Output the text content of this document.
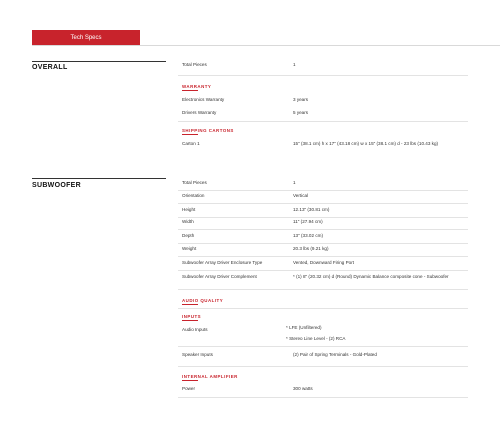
Tech Specs
OVERALL	Total Pieces	1
WARRANTY
Electronics Warranty	3 years
Drivers Warranty	5 years
SHIPPING CARTONS
Carton 1	15" (38.1 cm) h x 17" (43.18 cm) w x 15" (38.1 cm) d - 23 lbs (10.43 kg)
SUBWOOFER	Total Pieces	1
Orientation	Vertical
Height	12.13" (30.81 cm)
Width	11" (27.94 cm)
Depth	13" (33.02 cm)
Weight	20.3 lbs (9.21 kg)
Subwoofer Array Driver Enclosure Type	Vented, Downward Firing Port
Subwoofer Array Driver Complement	* (1) 8" (20.32 cm) d (Round) Dynamic Balance composite cone - Subwoofer
AUDIO QUALITY
INPUTS
Audio Inputs	* LFE (Unfiltered)
* Stereo Line Level - (2) RCA
Speaker Inputs	(2) Pair of Spring Terminals - Gold-Plated
INTERNAL AMPLIFIER
Power	300 watts
